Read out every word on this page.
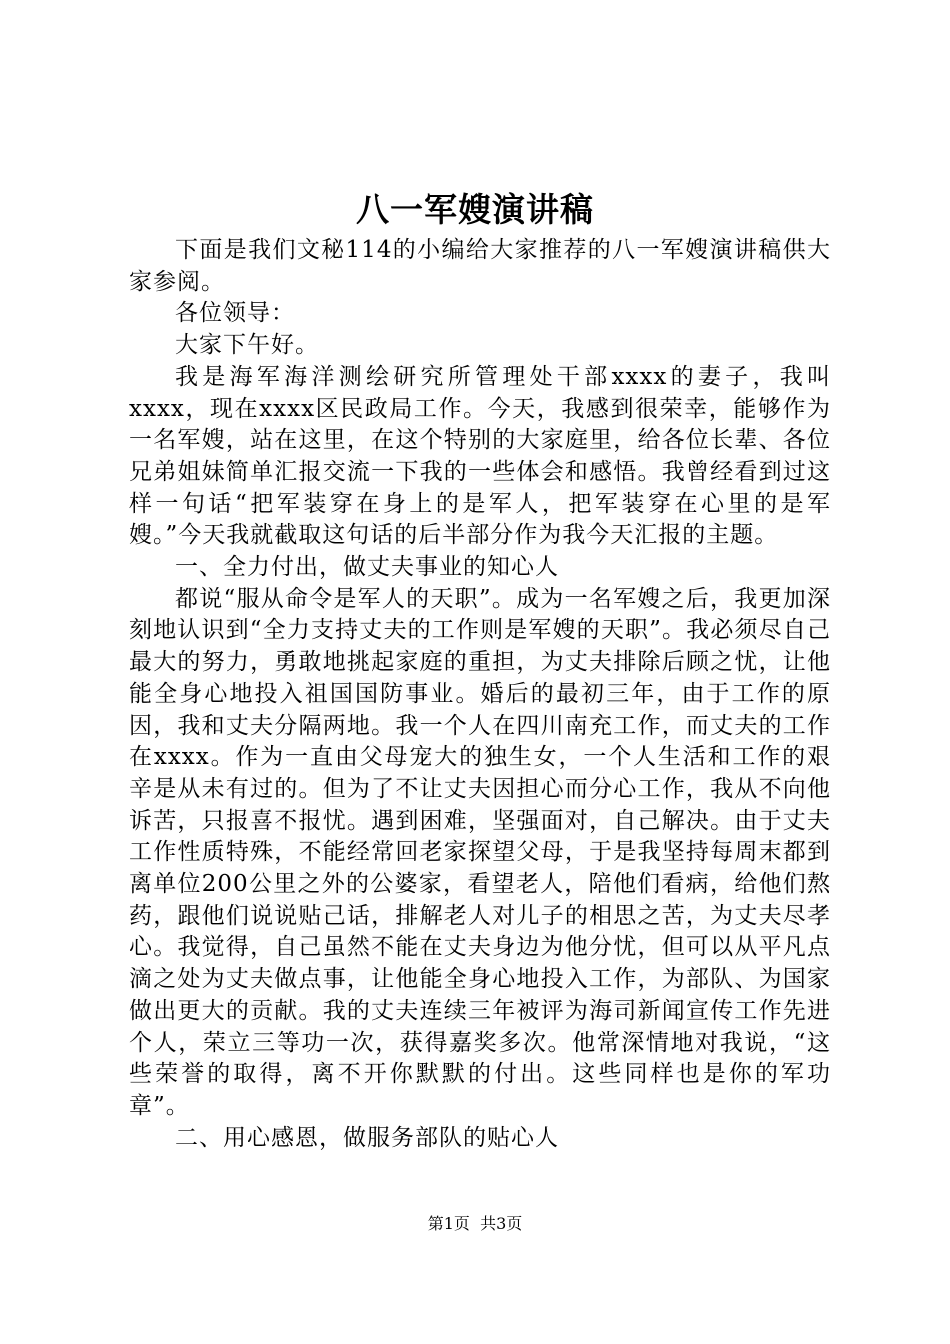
八一军嫂演讲稿

下面是我们文秘114的小编给大家推荐的八一军嫂演讲稿供大家参阅。

各位领导：

大家下午好。

我是海军海洋测绘研究所管理处干部xxxx的妻子，我叫xxxx，现在xxxx区民政局工作。今天，我感到很荣幸，能够作为一名军嫂，站在这里，在这个特别的大家庭里，给各位长辈、各位兄弟姐妹简单汇报交流一下我的一些体会和感悟。我曾经看到过这样一句话“把军装穿在身上的是军人，把军装穿在心里的是军嫂。”今天我就截取这句话的后半部分作为我今天汇报的主题。

一、全力付出，做丈夫事业的知心人

都说“服从命令是军人的天职”。成为一名军嫂之后，我更加深刻地认识到“全力支持丈夫的工作则是军嫂的天职”。我必须尽自己最大的努力，勇敢地挑起家庭的重担，为丈夫排除后顾之忧，让他能全身心地投入祖国国防事业。婚后的最初三年，由于工作的原因，我和丈夫分隔两地。我一个人在四川南充工作，而丈夫的工作在xxxx。作为一直由父母宠大的独生女，一个人生活和工作的艰辛是从未有过的。但为了不让丈夫因担心而分心工作，我从不向他诉苦，只报喜不报忧。遇到困难，坚强面对，自己解决。由于丈夫工作性质特殊，不能经常回老家探望父母，于是我坚持每周末都到离单位200公里之外的公婆家，看望老人，陪他们看病，给他们熬药，跟他们说说贴己话，排解老人对儿子的相思之苦，为丈夫尽孝心。我觉得，自己虽然不能在丈夫身边为他分忧，但可以从平凡点滴之处为丈夫做点事，让他能全身心地投入工作，为部队、为国家做出更大的贡献。我的丈夫连续三年被评为海司新闻宣传工作先进个人，荣立三等功一次，获得嘉奖多次。他常深情地对我说，“这些荣誉的取得，离不开你默默的付出。这些同样也是你的军功章”。

二、用心感恩，做服务部队的贴心人

第1页 共3页
